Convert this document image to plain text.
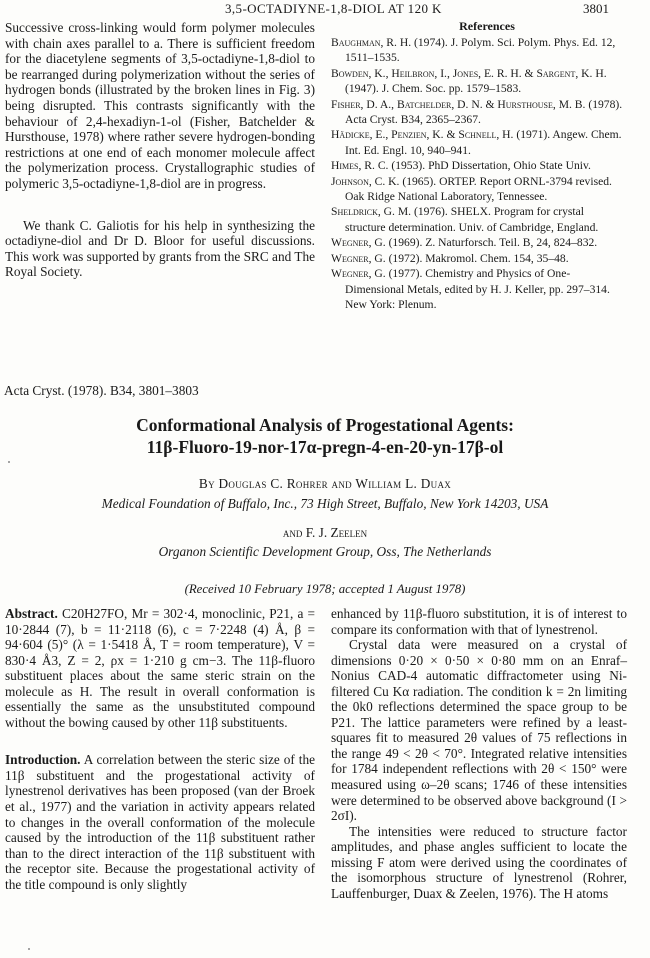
3,5-OCTADIYNE-1,8-DIOL AT 120 K	3801

Successive cross-linking would form polymer molecules with chain axes parallel to a. There is sufficient freedom for the diacetylene segments of 3,5-octadiyne-1,8-diol to be rearranged during polymerization without the series of hydrogen bonds (illustrated by the broken lines in Fig. 3) being disrupted. This contrasts significantly with the behaviour of 2,4-hexadiyn-1-ol (Fisher, Batchelder & Hursthouse, 1978) where rather severe hydrogen-bonding restrictions at one end of each monomer molecule affect the polymerization process. Crystallographic studies of polymeric 3,5-octadiyne-1,8-diol are in progress.

We thank C. Galiotis for his help in synthesizing the octadiyne-diol and Dr D. Bloor for useful discussions. This work was supported by grants from the SRC and The Royal Society.

References

Baughman, R. H. (1974). J. Polym. Sci. Polym. Phys. Ed. 12, 1511–1535.

Bowden, K., Heilbron, I., Jones, E. R. H. & Sargent, K. H. (1947). J. Chem. Soc. pp. 1579–1583.

Fisher, D. A., Batchelder, D. N. & Hursthouse, M. B. (1978). Acta Cryst. B34, 2365–2367.

Hädicke, E., Penzien, K. & Schnell, H. (1971). Angew. Chem. Int. Ed. Engl. 10, 940–941.

Himes, R. C. (1953). PhD Dissertation, Ohio State Univ.

Johnson, C. K. (1965). ORTEP. Report ORNL-3794 revised. Oak Ridge National Laboratory, Tennessee.

Sheldrick, G. M. (1976). SHELX. Program for crystal structure determination. Univ. of Cambridge, England.

Wegner, G. (1969). Z. Naturforsch. Teil. B, 24, 824–832.

Wegner, G. (1972). Makromol. Chem. 154, 35–48.

Wegner, G. (1977). Chemistry and Physics of One-Dimensional Metals, edited by H. J. Keller, pp. 297–314. New York: Plenum.

Acta Cryst. (1978). B34, 3801–3803
Conformational Analysis of Progestational Agents:
11β-Fluoro-19-nor-17α-pregn-4-en-20-yn-17β-ol
By Douglas C. Rohrer and William L. Duax
Medical Foundation of Buffalo, Inc., 73 High Street, Buffalo, New York 14203, USA
and F. J. Zeelen
Organon Scientific Development Group, Oss, The Netherlands
(Received 10 February 1978; accepted 1 August 1978)

Abstract. C20H27FO, Mr = 302·4, monoclinic, P21, a = 10·2844 (7), b = 11·2118 (6), c = 7·2248 (4) Å, β = 94·604 (5)° (λ = 1·5418 Å, T = room temperature), V = 830·4 Å3, Z = 2, ρx = 1·210 g cm−3. The 11β-fluoro substituent places about the same steric strain on the molecule as H. The result in overall conformation is essentially the same as the unsubstituted compound without the bowing caused by other 11β substituents.

Introduction. A correlation between the steric size of the 11β substituent and the progestational activity of lynestrenol derivatives has been proposed (van der Broek et al., 1977) and the variation in activity appears related to changes in the overall conformation of the molecule caused by the introduction of the 11β substituent rather than to the direct interaction of the 11β substituent with the receptor site. Because the progestational activity of the title compound is only slightly

enhanced by 11β-fluoro substitution, it is of interest to compare its conformation with that of lynestrenol.

Crystal data were measured on a crystal of dimensions 0·20 × 0·50 × 0·80 mm on an Enraf–Nonius CAD-4 automatic diffractometer using Ni-filtered Cu Kα radiation. The condition k = 2n limiting the 0k0 reflections determined the space group to be P21. The lattice parameters were refined by a least-squares fit to measured 2θ values of 75 reflections in the range 49 < 2θ < 70°. Integrated relative intensities for 1784 independent reflections with 2θ < 150° were measured using ω–2θ scans; 1746 of these intensities were determined to be observed above background (I > 2σI).

The intensities were reduced to structure factor amplitudes, and phase angles sufficient to locate the missing F atom were derived using the coordinates of the isomorphous structure of lynestrenol (Rohrer, Lauffenburger, Duax & Zeelen, 1976). The H atoms
